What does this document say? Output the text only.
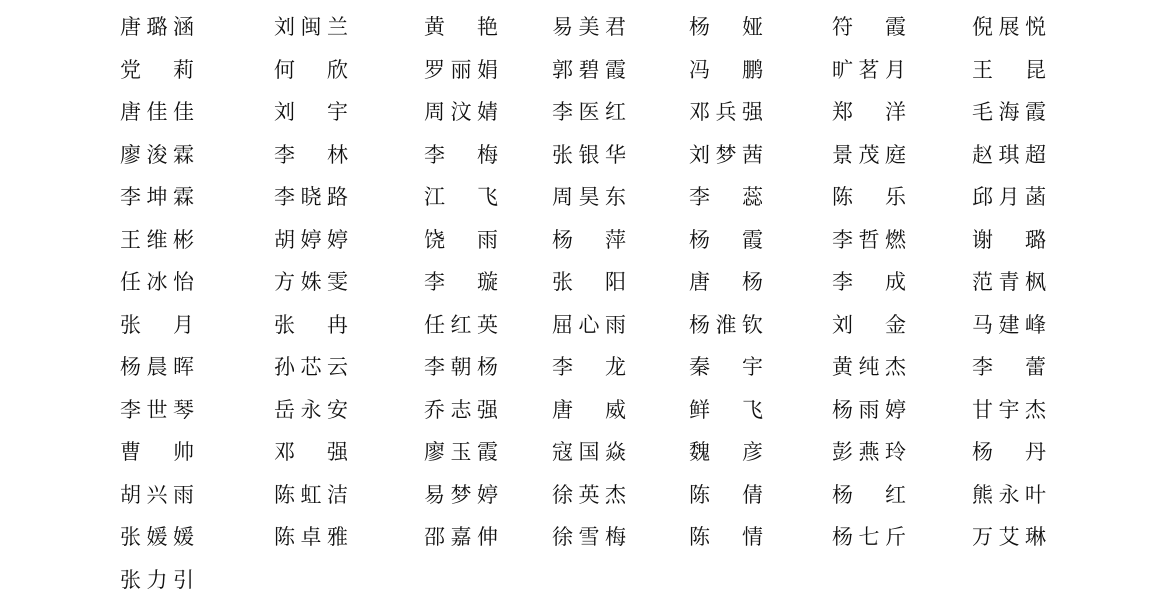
唐 璐 涵	刘 闽 兰	黄 艳	易 美 君	杨 娅	符 霞	倪 展 悦
党 莉	何 欣	罗 丽 娟	郭 碧 霞	冯 鹏	旷 茗 月	王 昆
唐 佳 佳	刘 宇	周 汶 婧	李 医 红	邓 兵 强	郑 洋	毛 海 霞
廖 浚 霖	李 林	李 梅	张 银 华	刘 梦 茜	景 茂 庭	赵 琪 超
李 坤 霖	李 晓 路	江 飞	周 昊 东	李 蕊	陈 乐	邱 月 菡
王 维 彬	胡 婷 婷	饶 雨	杨 萍	杨 霞	李 哲 燃	谢 璐
任 冰 怡	方 姝 雯	李 璇	张 阳	唐 杨	李 成	范 青 枫
张 月	张 冉	任 红 英	屈 心 雨	杨 淮 钦	刘 金	马 建 峰
杨 晨 晖	孙 芯 云	李 朝 杨	李 龙	秦 宇	黄 纯 杰	李 蕾
李 世 琴	岳 永 安	乔 志 强	唐 威	鲜 飞	杨 雨 婷	甘 宇 杰
曹 帅	邓 强	廖 玉 霞	寇 国 焱	魏 彦	彭 燕 玲	杨 丹
胡 兴 雨	陈 虹 洁	易 梦 婷	徐 英 杰	陈 倩	杨 红	熊 永 叶
张 媛 媛	陈 卓 雅	邵 嘉 伸	徐 雪 梅	陈 情	杨 七 斤	万 艾 琳
张 力 引
